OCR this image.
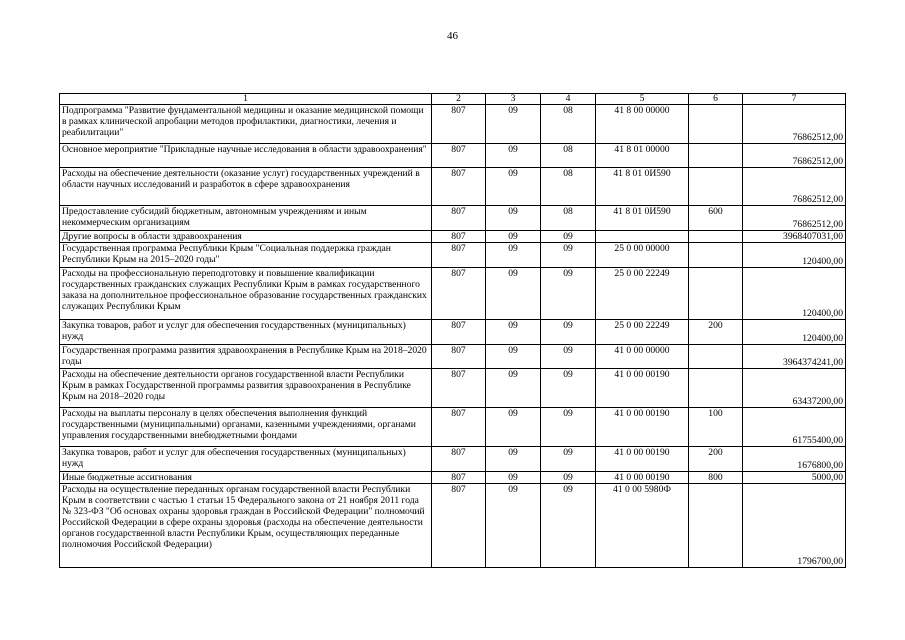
46
1	2	3	4	5	6	7
Подпрограмма "Развитие фундаментальной медицины и оказание медицинской помощи в рамках клинической апробации методов профилактики, диагностики, лечения и реабилитации"	807	09	08	41 8 00 00000		76862512,00
Основное мероприятие "Прикладные научные исследования в области здравоохранения"	807	09	08	41 8 01 00000		76862512,00
Расходы на обеспечение деятельности (оказание услуг) государственных учреждений в области научных исследований и разработок в сфере здравоохранения	807	09	08	41 8 01 0И590		76862512,00
Предоставление субсидий бюджетным, автономным учреждениям и иным некоммерческим организациям	807	09	08	41 8 01 0И590	600	76862512,00
Другие вопросы в области здравоохранения	807	09	09			3968407031,00
Государственная программа Республики Крым "Социальная поддержка граждан Республики Крым на 2015–2020 годы"	807	09	09	25 0 00 00000		120400,00
Расходы на профессиональную переподготовку и повышение квалификации государственных гражданских служащих Республики Крым в рамках государственного заказа на дополнительное профессиональное образование государственных гражданских служащих Республики Крым	807	09	09	25 0 00 22249		120400,00
Закупка товаров, работ и услуг для обеспечения государственных (муниципальных) нужд	807	09	09	25 0 00 22249	200	120400,00
Государственная программа развития здравоохранения в Республике Крым на 2018–2020 годы	807	09	09	41 0 00 00000		3964374241,00
Расходы на обеспечение деятельности органов государственной власти Республики Крым в рамках Государственной программы развития здравоохранения в Республике Крым на 2018–2020 годы	807	09	09	41 0 00 00190		63437200,00
Расходы на выплаты персоналу в целях обеспечения выполнения функций государственными (муниципальными) органами, казенными учреждениями, органами управления государственными внебюджетными фондами	807	09	09	41 0 00 00190	100	61755400,00
Закупка товаров, работ и услуг для обеспечения государственных (муниципальных) нужд	807	09	09	41 0 00 00190	200	1676800,00
Иные бюджетные ассигнования	807	09	09	41 0 00 00190	800	5000,00
Расходы на осуществление переданных органам государственной власти Республики Крым в соответствии с частью 1 статьи 15 Федерального закона от 21 ноября 2011 года № 323-ФЗ "Об основах охраны здоровья граждан в Российской Федерации" полномочий Российской Федерации в сфере охраны здоровья (расходы на обеспечение деятельности органов государственной власти Республики Крым, осуществляющих переданные полномочия Российской Федерации)	807	09	09	41 0 00 5980Ф		1796700,00
